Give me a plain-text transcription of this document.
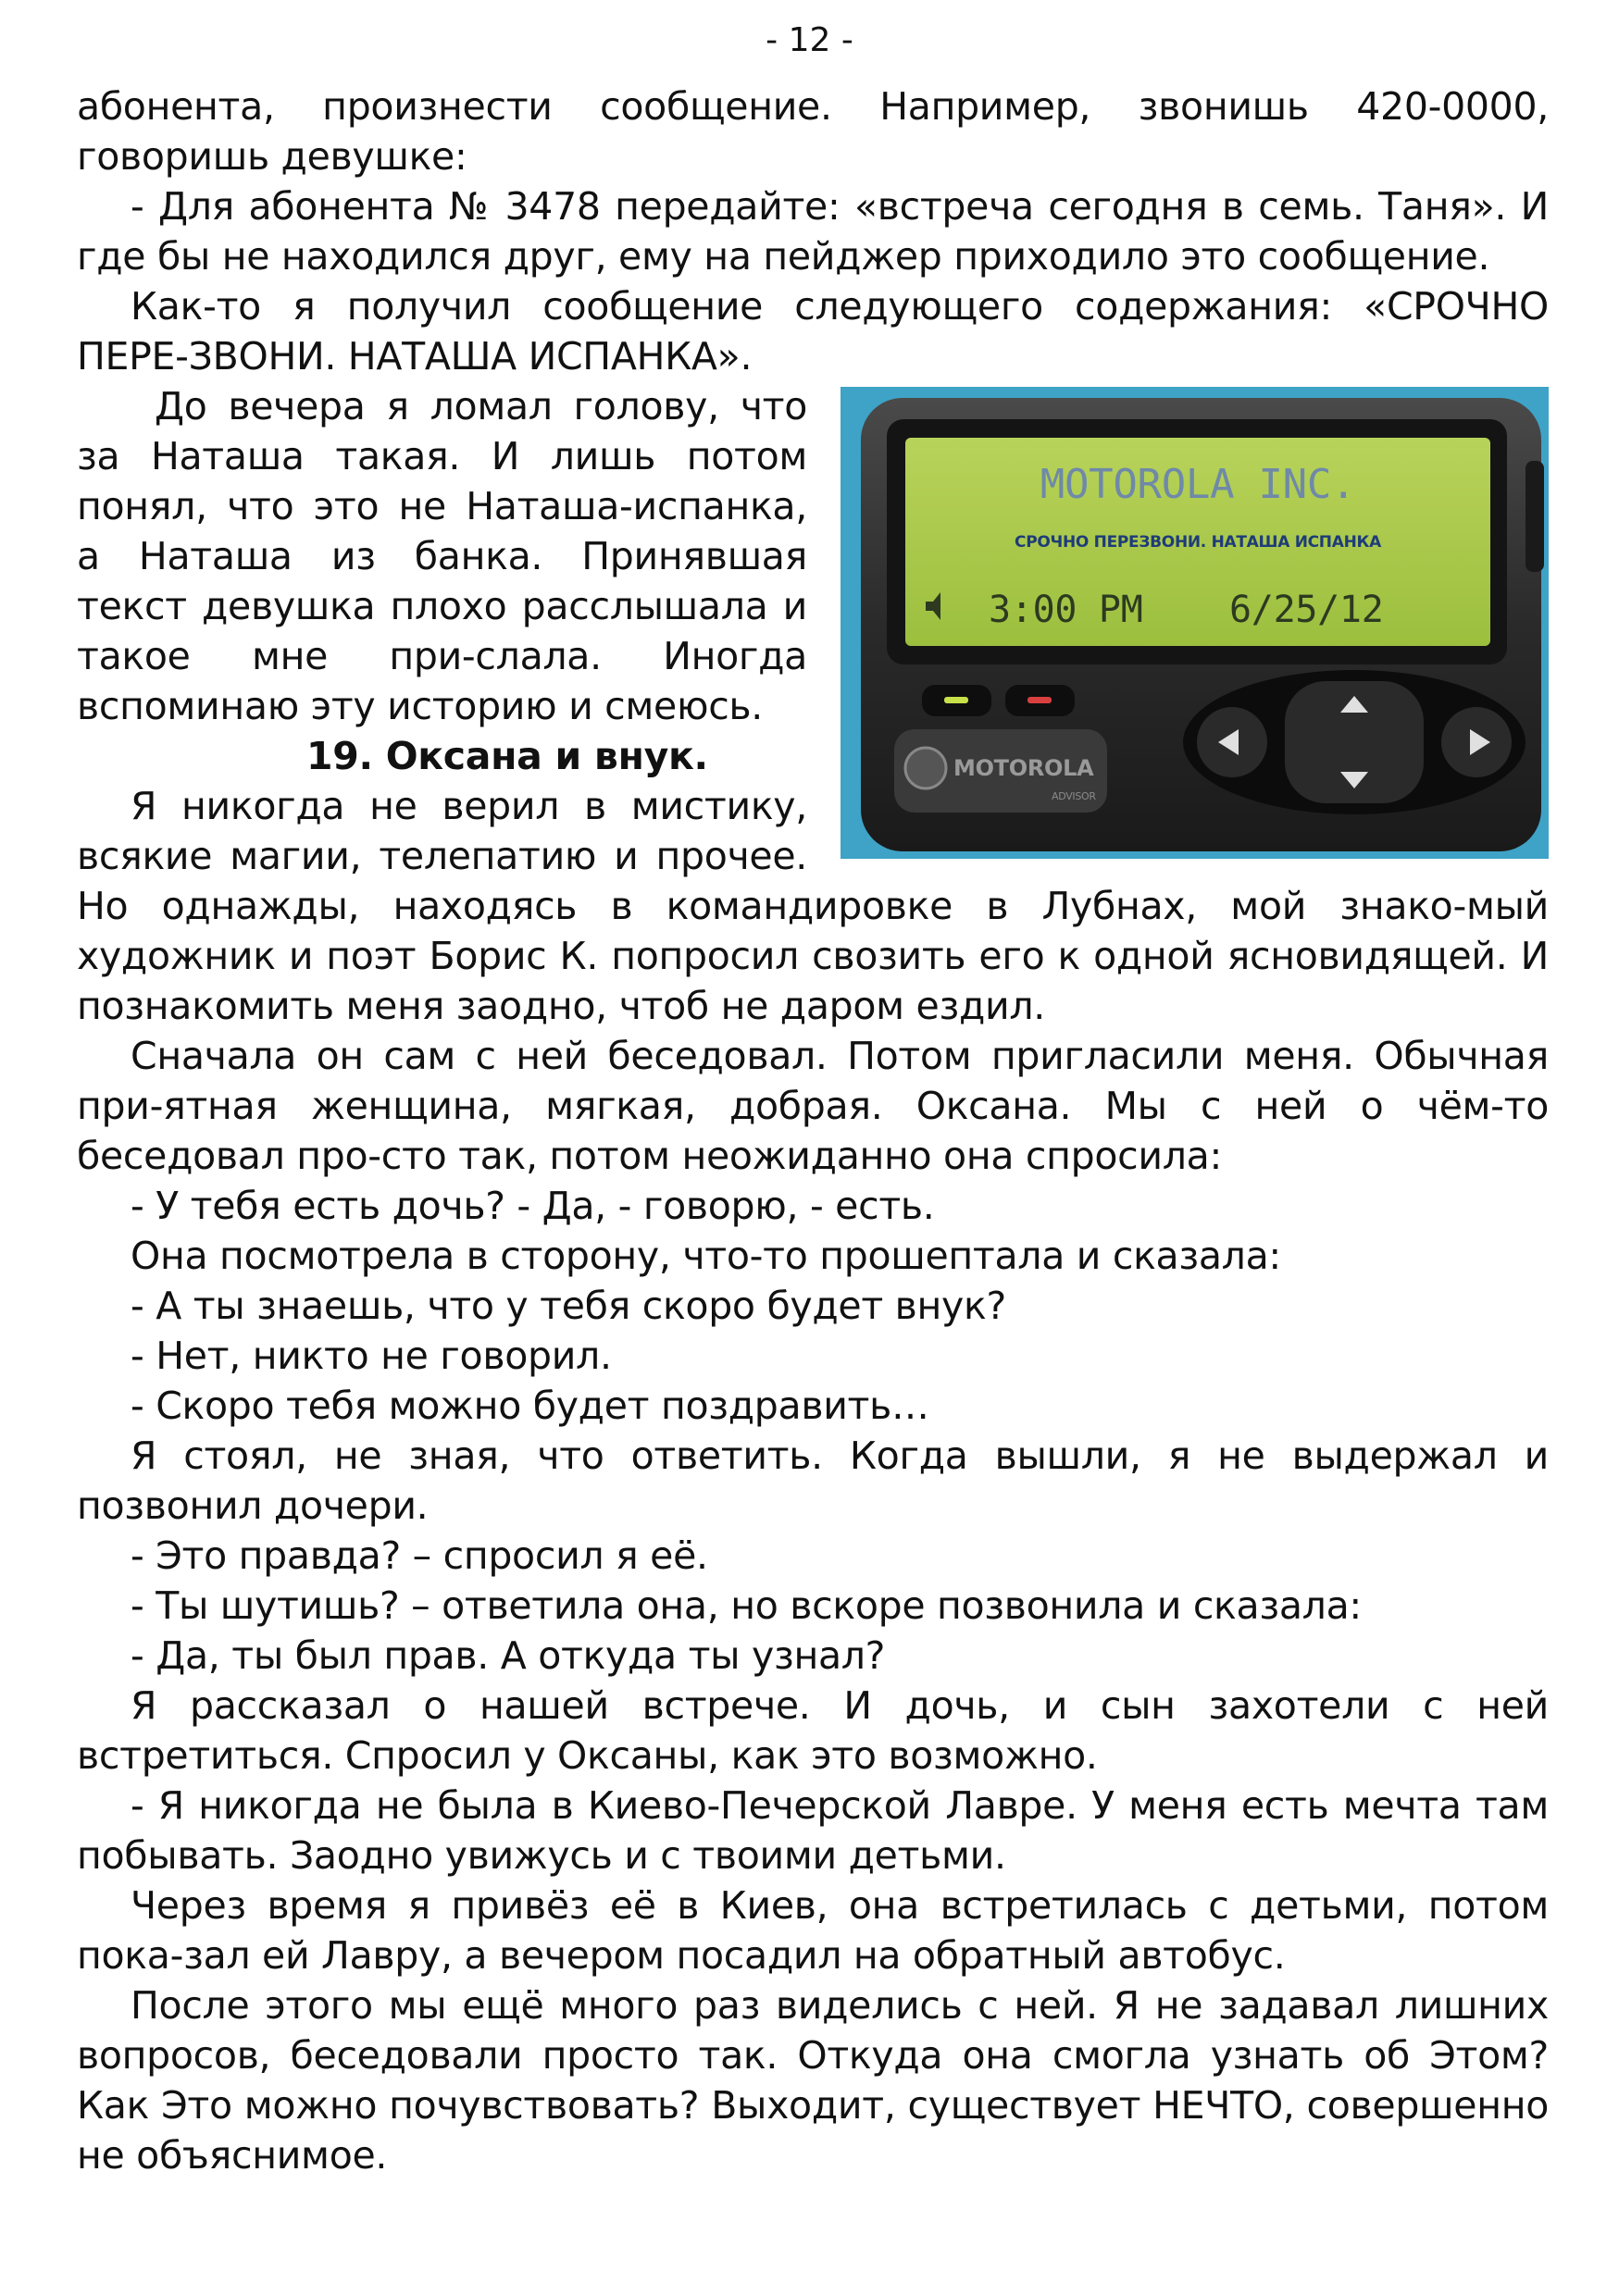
- 12 -

абонента, произнести сообщение. Например, звонишь 420-0000, говоришь девушке:

- Для абонента № 3478 передайте: «встреча сегодня в семь. Таня». И где бы не находился друг, ему на пейджер приходило это сообщение.

Как-то я получил сообщение следующего содержания: «СРОЧНО ПЕРЕ-ЗВОНИ. НАТАША ИСПАНКА».

MOTOROLA INC.
СРОЧНО ПЕРЕЗВОНИ. НАТАША ИСПАНКА
3:00 PM 6/25/12
MOTOROLA
ADVISOR

До вечера я ломал голову, что за Наташа такая. И лишь потом понял, что это не Наташа-испанка, а Наташа из банка. Принявшая текст девушка плохо расслышала и такое мне при-слала. Иногда вспоминаю эту историю и смеюсь.

19. Оксана и внук.

Я никогда не верил в мистику, всякие магии, телепатию и прочее. Но однажды, находясь в командировке в Лубнах, мой знако-мый художник и поэт Борис К. попросил свозить его к одной ясновидящей. И познакомить меня заодно, чтоб не даром ездил.

Сначала он сам с ней беседовал. Потом пригласили меня. Обычная при-ятная женщина, мягкая, добрая. Оксана. Мы с ней о чём-то беседовал про-сто так, потом неожиданно она спросила:

- У тебя есть дочь? - Да, - говорю, - есть.

Она посмотрела в сторону, что-то прошептала и сказала:

- А ты знаешь, что у тебя скоро будет внук?

- Нет, никто не говорил.

- Скоро тебя можно будет поздравить…

Я стоял, не зная, что ответить. Когда вышли, я не выдержал и позвонил дочери.

- Это правда? – спросил я её.

- Ты шутишь? – ответила она, но вскоре позвонила и сказала:

- Да, ты был прав. А откуда ты узнал?

Я рассказал о нашей встрече. И дочь, и сын захотели с ней встретиться. Спросил у Оксаны, как это возможно.

- Я никогда не была в Киево-Печерской Лавре. У меня есть мечта там побывать. Заодно увижусь и с твоими детьми.

Через время я привёз её в Киев, она встретилась с детьми, потом пока-зал ей Лавру, а вечером посадил на обратный автобус.

После этого мы ещё много раз виделись с ней. Я не задавал лишних вопросов, беседовали просто так. Откуда она смогла узнать об Этом? Как Это можно почувствовать? Выходит, существует НЕЧТО, совершенно не объяснимое.
